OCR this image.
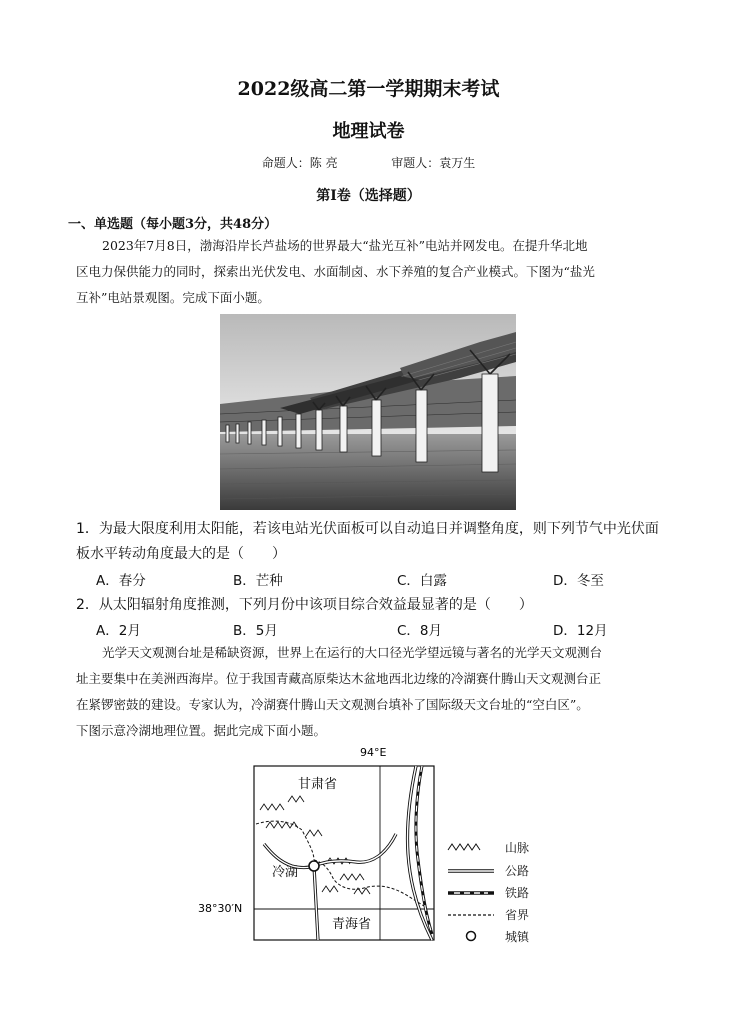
2022级高二第一学期期末考试
地理试卷
命题人：陈 亮	审题人：袁万生
第Ⅰ卷（选择题）
一、单选题（每小题3分，共48分）
2023年7月8日，渤海沿岸长芦盐场的世界最大“盐光互补”电站并网发电。在提升华北地
区电力保供能力的同时，探索出光伏发电、水面制卤、水下养殖的复合产业模式。下图为“盐光
互补”电站景观图。完成下面小题。
1．为最大限度利用太阳能，若该电站光伏面板可以自动追日并调整角度，则下列节气中光伏面
板水平转动角度最大的是（　　）
A．春分	B．芒种	C．白露	D．冬至
2．从太阳辐射角度推测，下列月份中该项目综合效益最显著的是（　　）
A．2月	B．5月	C．8月	D．12月
光学天文观测台址是稀缺资源，世界上在运行的大口径光学望远镜与著名的光学天文观测台
址主要集中在美洲西海岸。位于我国青藏高原柴达木盆地西北边缘的冷湖赛什腾山天文观测台正
在紧锣密鼓的建设。专家认为，冷湖赛什腾山天文观测台填补了国际级天文台址的“空白区”。
下图示意冷湖地理位置。据此完成下面小题。
94°E
38°30′N
甘肃省
青海省
冷湖
山脉
公路
铁路
省界
城镇
